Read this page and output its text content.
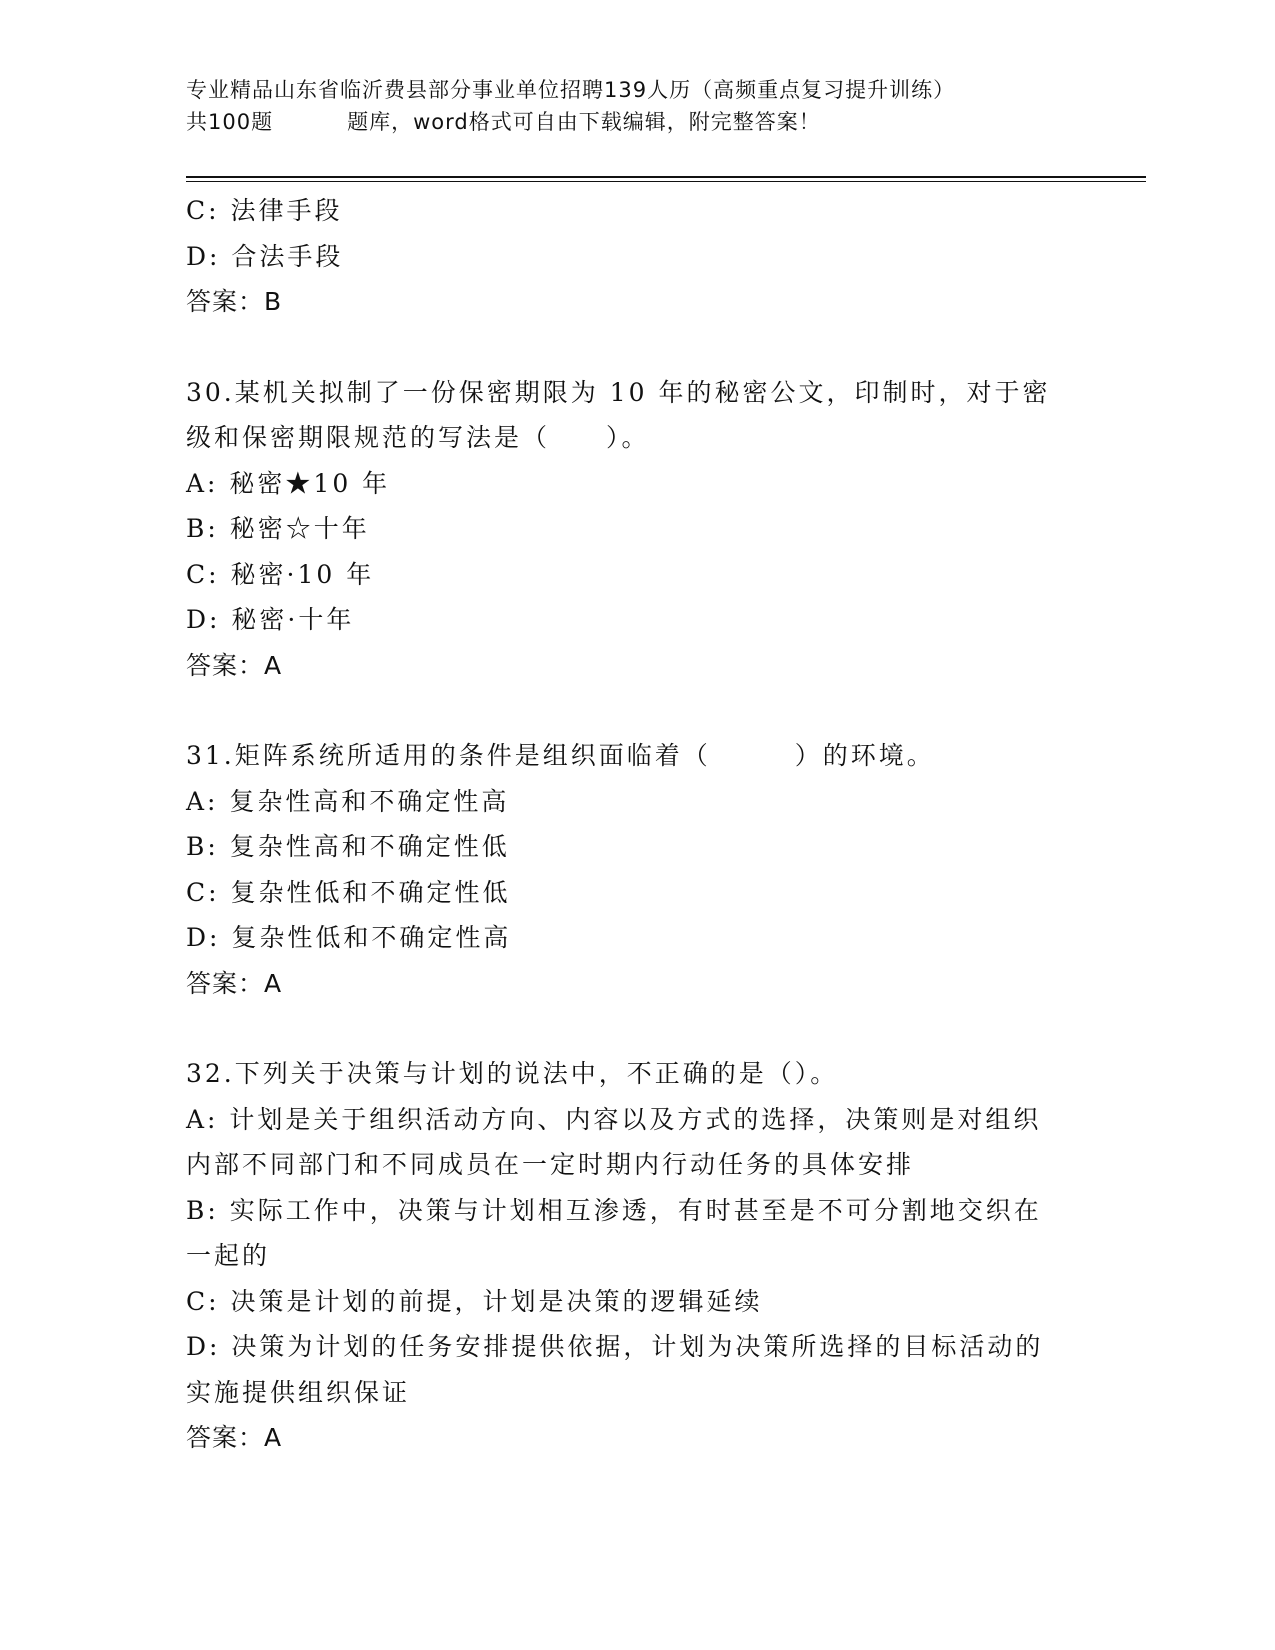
专业精品山东省临沂费县部分事业单位招聘139人历（高频重点复习提升训练）
共100题	题库，word格式可自由下载编辑，附完整答案！

C: 法律手段

D: 合法手段

答案：B

30.某机关拟制了一份保密期限为 10 年的秘密公文，印制时，对于密

级和保密期限规范的写法是（　　）。

A: 秘密★10 年

B: 秘密☆十年

C: 秘密·10 年

D: 秘密·十年

答案：A

31.矩阵系统所适用的条件是组织面临着（　　　）的环境。

A: 复杂性高和不确定性高

B: 复杂性高和不确定性低

C: 复杂性低和不确定性低

D: 复杂性低和不确定性高

答案：A

32.下列关于决策与计划的说法中，不正确的是（）。

A: 计划是关于组织活动方向、内容以及方式的选择，决策则是对组织

内部不同部门和不同成员在一定时期内行动任务的具体安排

B: 实际工作中，决策与计划相互渗透，有时甚至是不可分割地交织在

一起的

C: 决策是计划的前提，计划是决策的逻辑延续

D: 决策为计划的任务安排提供依据，计划为决策所选择的目标活动的

实施提供组织保证

答案：A
